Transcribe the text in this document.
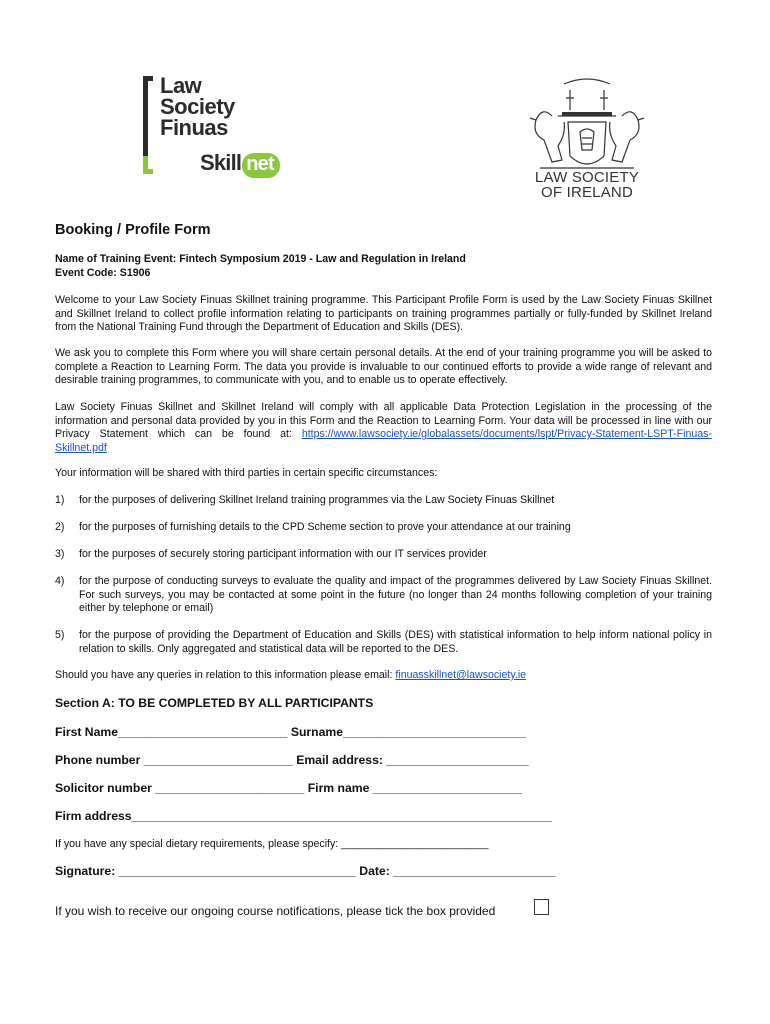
Law
Society
Finuas
Skill net
LAW SOCIETY
OF IRELAND
Booking / Profile Form
Name of Training Event: Fintech Symposium 2019 - Law and Regulation in Ireland
Event Code: S1906

Welcome to your Law Society Finuas Skillnet training programme. This Participant Profile Form is used by the Law Society Finuas Skillnet and Skillnet Ireland to collect profile information relating to participants on training programmes partially or fully-funded by Skillnet Ireland from the National Training Fund through the Department of Education and Skills (DES).

We ask you to complete this Form where you will share certain personal details. At the end of your training programme you will be asked to complete a Reaction to Learning Form. The data you provide is invaluable to our continued efforts to provide a wide range of relevant and desirable training programmes, to communicate with you, and to enable us to operate effectively.

Law Society Finuas Skillnet and Skillnet Ireland will comply with all applicable Data Protection Legislation in the processing of the information and personal data provided by you in this Form and the Reaction to Learning Form. Your data will be processed in line with our Privacy Statement which can be found at: https://www.lawsociety.ie/globalassets/documents/lspt/Privacy-Statement-LSPT-Finuas-Skillnet.pdf

Your information will be shared with third parties in certain specific circumstances:

1) for the purposes of delivering Skillnet Ireland training programmes via the Law Society Finuas Skillnet
2) for the purposes of furnishing details to the CPD Scheme section to prove your attendance at our training
3) for the purposes of securely storing participant information with our IT services provider
4) for the purpose of conducting surveys to evaluate the quality and impact of the programmes delivered by Law Society Finuas Skillnet. For such surveys, you may be contacted at some point in the future (no longer than 24 months following completion of your training either by telephone or email)
5) for the purpose of providing the Department of Education and Skills (DES) with statistical information to help inform national policy in relation to skills. Only aggregated and statistical data will be reported to the DES.

Should you have any queries in relation to this information please email: finuasskillnet@lawsociety.ie

Section A: TO BE COMPLETED BY ALL PARTICIPANTS
First Name_________________________ Surname___________________________
Phone number ______________________ Email address: _____________________
Solicitor number ______________________ Firm name ______________________
Firm address______________________________________________________________
If you have any special dietary requirements, please specify: _________________________
Signature: ___________________________________ Date: ________________________
If you wish to receive our ongoing course notifications, please tick the box provided
